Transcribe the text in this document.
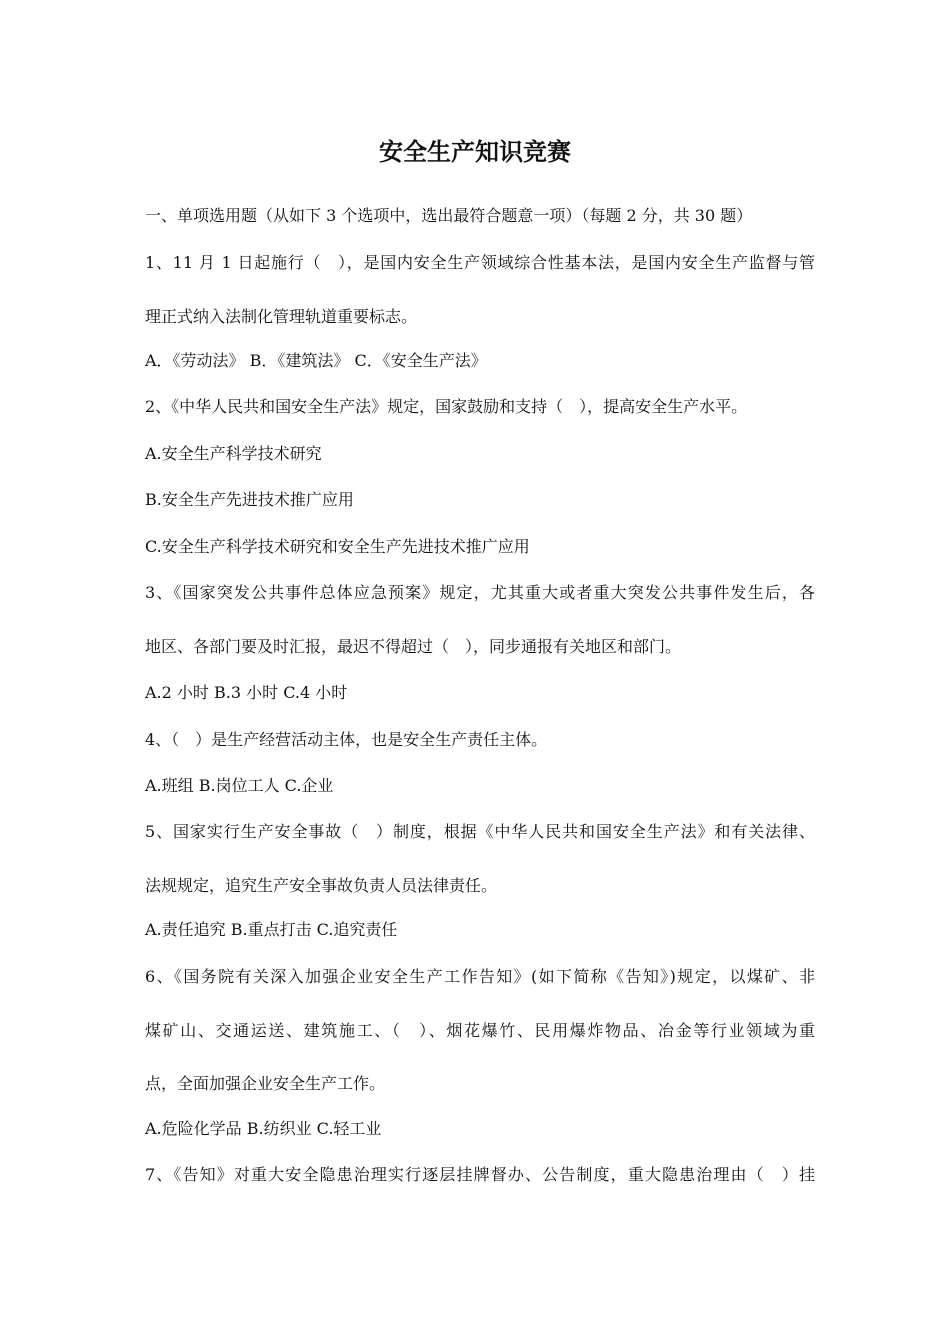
安全生产知识竞赛
一、单项选用题（从如下 3 个选项中，选出最符合题意一项）（每题 2 分，共 30 题）
1、11 月 1 日起施行（　），是国内安全生产领域综合性基本法，是国内安全生产监督与管
理正式纳入法制化管理轨道重要标志。
A．《劳动法》 B．《建筑法》 C．《安全生产法》
2、《中华人民共和国安全生产法》规定，国家鼓励和支持（　），提高安全生产水平。
A.安全生产科学技术研究
B.安全生产先进技术推广应用
C.安全生产科学技术研究和安全生产先进技术推广应用
3、《国家突发公共事件总体应急预案》规定，尤其重大或者重大突发公共事件发生后，各
地区、各部门要及时汇报，最迟不得超过（　），同步通报有关地区和部门。
A.2 小时 B.3 小时 C.4 小时
4、（　）是生产经营活动主体，也是安全生产责任主体。
A.班组 B.岗位工人 C.企业
5、国家实行生产安全事故（　）制度，根据《中华人民共和国安全生产法》和有关法律、
法规规定，追究生产安全事故负责人员法律责任。
A.责任追究 B.重点打击 C.追究责任
6、《国务院有关深入加强企业安全生产工作告知》(如下简称《告知》)规定，以煤矿、非
煤矿山、交通运送、建筑施工、（　）、烟花爆竹、民用爆炸物品、冶金等行业领域为重
点，全面加强企业安全生产工作。
A.危险化学品 B.纺织业 C.轻工业
7、《告知》对重大安全隐患治理实行逐层挂牌督办、公告制度，重大隐患治理由（　）挂
